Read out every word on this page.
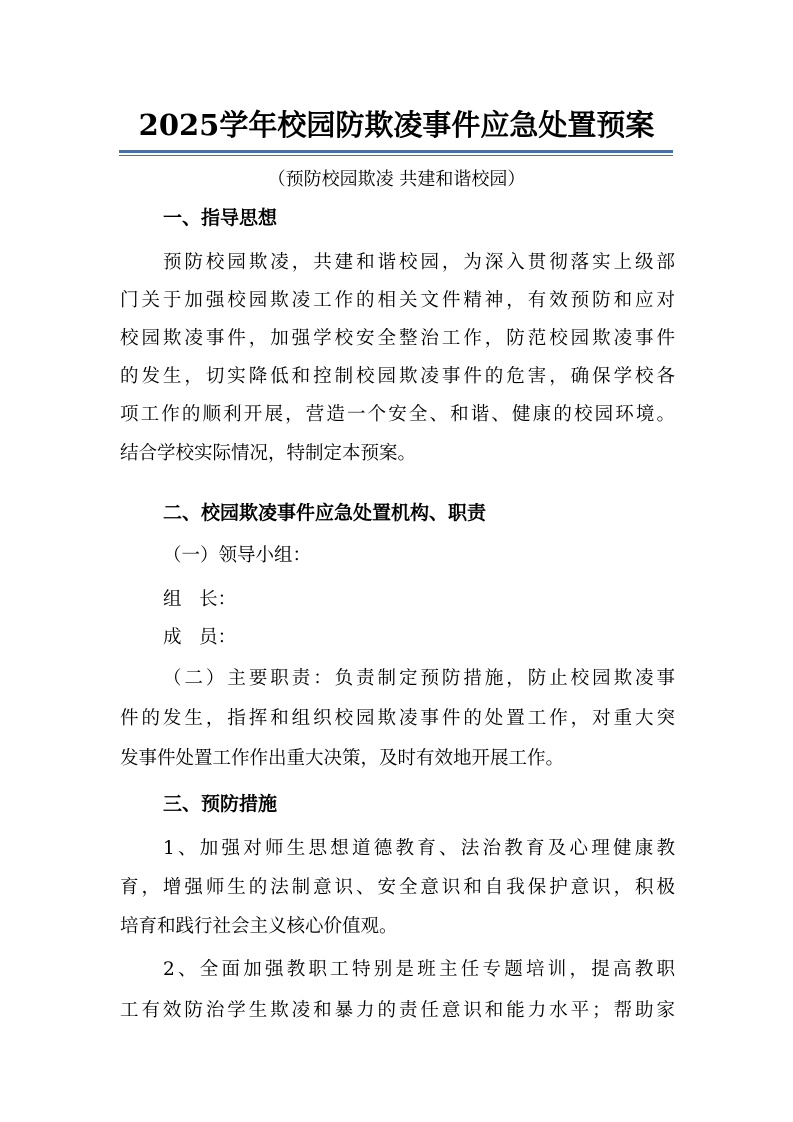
2025学年校园防欺凌事件应急处置预案
（预防校园欺凌 共建和谐校园）
一、指导思想
预防校园欺凌，共建和谐校园，为深入贯彻落实上级部
门关于加强校园欺凌工作的相关文件精神，有效预防和应对
校园欺凌事件，加强学校安全整治工作，防范校园欺凌事件
的发生，切实降低和控制校园欺凌事件的危害，确保学校各
项工作的顺利开展，营造一个安全、和谐、健康的校园环境。
结合学校实际情况，特制定本预案。
二、校园欺凌事件应急处置机构、职责
（一）领导小组：
组   长：
成   员：
（二）主要职责：负责制定预防措施，防止校园欺凌事
件的发生，指挥和组织校园欺凌事件的处置工作，对重大突
发事件处置工作作出重大决策，及时有效地开展工作。
三、预防措施
1、加强对师生思想道德教育、法治教育及心理健康教
育，增强师生的法制意识、安全意识和自我保护意识，积极
培育和践行社会主义核心价值观。
2、全面加强教职工特别是班主任专题培训，提高教职
工有效防治学生欺凌和暴力的责任意识和能力水平；帮助家
